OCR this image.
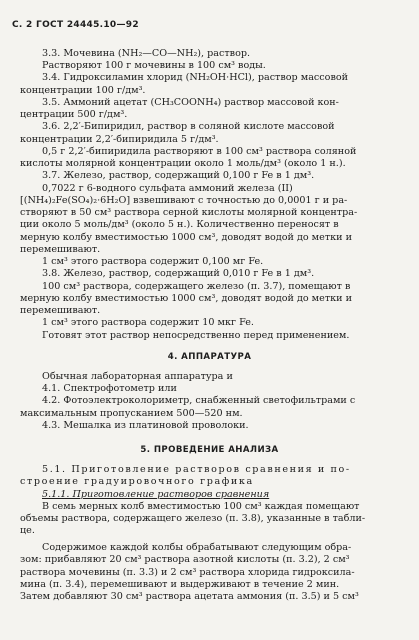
С. 2 ГОСТ 24445.10—92
3.3. Мочевина (NH₂—CO—NH₂), раствор.
Растворяют 100 г мочевины в 100 см³ воды.
3.4. Гидроксиламин хлорид (NH₂OH·HCl), раствор массовой
концентрации 100 г/дм³.
3.5. Аммоний ацетат (CH₃COONH₄) раствор массовой кон-
центрации 500 г/дм³.
3.6. 2,2′-Бипиридил, раствор в соляной кислоте массовой
концентрации 2,2′-бипиридила 5 г/дм³.
0,5 г 2,2′-бипиридила растворяют в 100 см³ раствора соляной
кислоты молярной концентрации около 1 моль/дм³ (около 1 н.).
3.7. Железо, раствор, содержащий 0,100 г Fe в 1 дм³.
0,7022 г 6-водного сульфата аммоний железа (II)
[(NH₄)₂Fe(SO₄)₂·6H₂O] взвешивают с точностью до 0,0001 г и ра-
створяют в 50 см³ раствора серной кислоты молярной концентра-
ции около 5 моль/дм³ (около 5 н.). Количественно переносят в
мерную колбу вместимостью 1000 см³, доводят водой до метки и
перемешивают.
1 см³ этого раствора содержит 0,100 мг Fe.
3.8. Железо, раствор, содержащий 0,010 г Fe в 1 дм³.
100 см³ раствора, содержащего железо (п. 3.7), помещают в
мерную колбу вместимостью 1000 см³, доводят водой до метки и
перемешивают.
1 см³ этого раствора содержит 10 мкг Fe.
Готовят этот раствор непосредственно перед применением.
4. АППАРАТУРА
Обычная лабораторная аппаратура и
4.1. Спектрофотометр или
4.2. Фотоэлектроколориметр, снабженный светофильтрами с
максимальным пропусканием 500—520 нм.
4.3. Мешалка из платиновой проволоки.
5. ПРОВЕДЕНИЕ АНАЛИЗА
5.1. Приготовление растворов сравнения и по-
строение градуировочного графика
5.1.1. Приготовление растворов сравнения
В семь мерных колб вместимостью 100 см³ каждая помещают
объемы раствора, содержащего железо (п. 3.8), указанные в табли-
це.
Содержимое каждой колбы обрабатывают следующим обра-
зом: прибавляют 20 см³ раствора азотной кислоты (п. 3.2), 2 см³
раствора мочевины (п. 3.3) и 2 см³ раствора хлорида гидроксила-
мина (п. 3.4), перемешивают и выдерживают в течение 2 мин.
Затем добавляют 30 см³ раствора ацетата аммония (п. 3.5) и 5 см³
